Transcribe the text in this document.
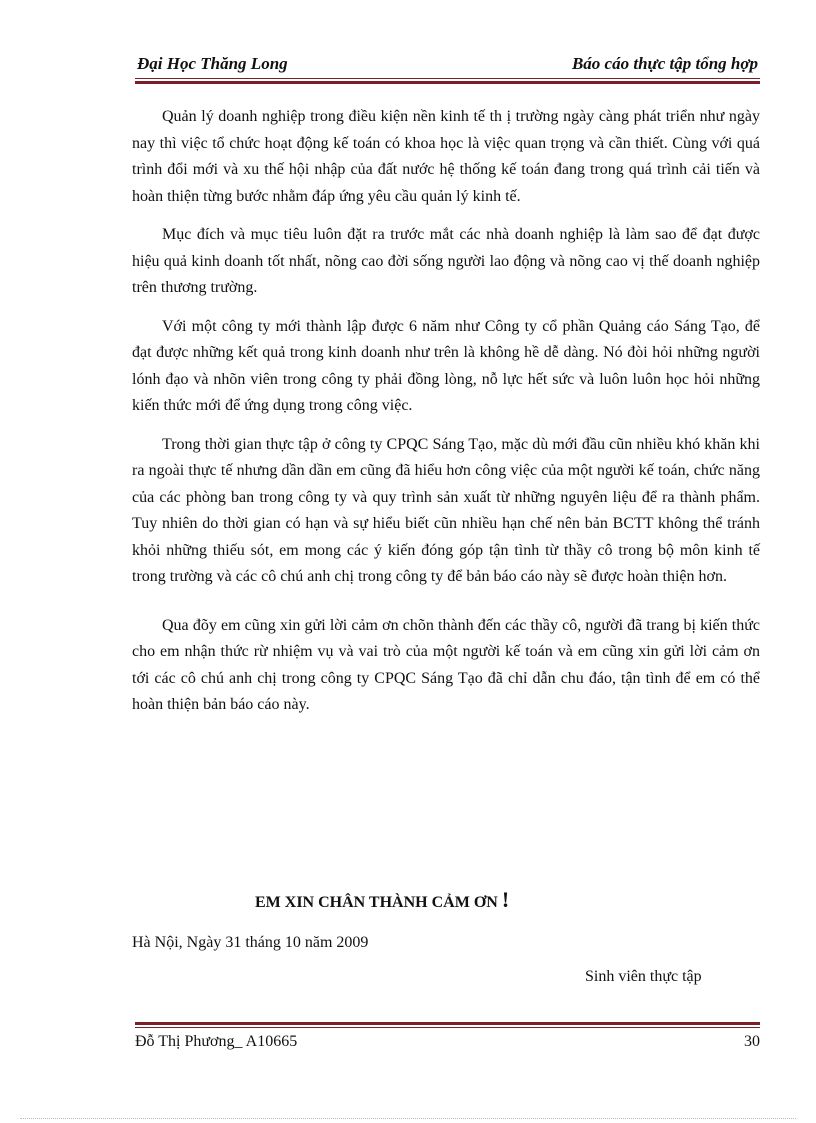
Đại Học Thăng Long	Báo cáo thực tập tổng hợp

Quản lý doanh nghiệp trong điều kiện nền kinh tế th ị trường ngày càng phát triển như ngày nay thì việc tổ chức hoạt động kế toán có khoa học là việc quan trọng và cần thiết. Cùng với quá trình đổi mới và xu thế hội nhập của đất nước hệ thống kế toán đang trong quá trình cải tiến và hoàn thiện từng bước nhằm đáp ứng yêu cầu quản lý kinh tế.

Mục đích và mục tiêu luôn đặt ra trước mắt các nhà doanh nghiệp là làm sao để đạt được hiệu quả kinh doanh tốt nhất, nõng cao đời sống người lao động và nõng cao vị thế doanh nghiệp trên thương trường.

Với một công ty mới thành lập được 6 năm như Công ty cổ phần Quảng cáo Sáng Tạo, để đạt được những kết quả trong kinh doanh như trên là không hề dễ dàng. Nó đòi hỏi những người lónh đạo và nhõn viên trong công ty phải đồng lòng, nỗ lực hết sức và luôn luôn học hỏi những kiến thức mới để ứng dụng trong công việc.

Trong thời gian thực tập ở công ty CPQC Sáng Tạo, mặc dù mới đầu cũn nhiều khó khăn khi ra ngoài thực tế nhưng dần dần em cũng đã hiểu hơn công việc của một người kế toán, chức năng của các phòng ban trong công ty và quy trình sản xuất từ những nguyên liệu để ra thành phẩm. Tuy nhiên do thời gian có hạn và sự hiểu biết cũn nhiều hạn chế nên bản BCTT không thể tránh khỏi những thiếu sót, em mong các ý kiến đóng góp tận tình từ thầy cô trong bộ môn kinh tế trong trường và các cô chú anh chị trong công ty để bản báo cáo này sẽ được hoàn thiện hơn.

Qua đõy em cũng xin gửi lời cảm ơn chõn thành đến các thầy cô, người đã trang bị kiến thức cho em nhận thức rừ nhiệm vụ và vai trò của một người kế toán và em cũng xin gửi lời cảm ơn tới các cô chú anh chị trong công ty CPQC Sáng Tạo đã chỉ dẫn chu đáo, tận tình để em có thể hoàn thiện bản báo cáo này.

EM XIN CHÂN THÀNH CẢM ƠN !
Hà Nội, Ngày 31 tháng 10 năm 2009
Sinh viên thực tập
Đỗ Thị Phương_ A10665	30
